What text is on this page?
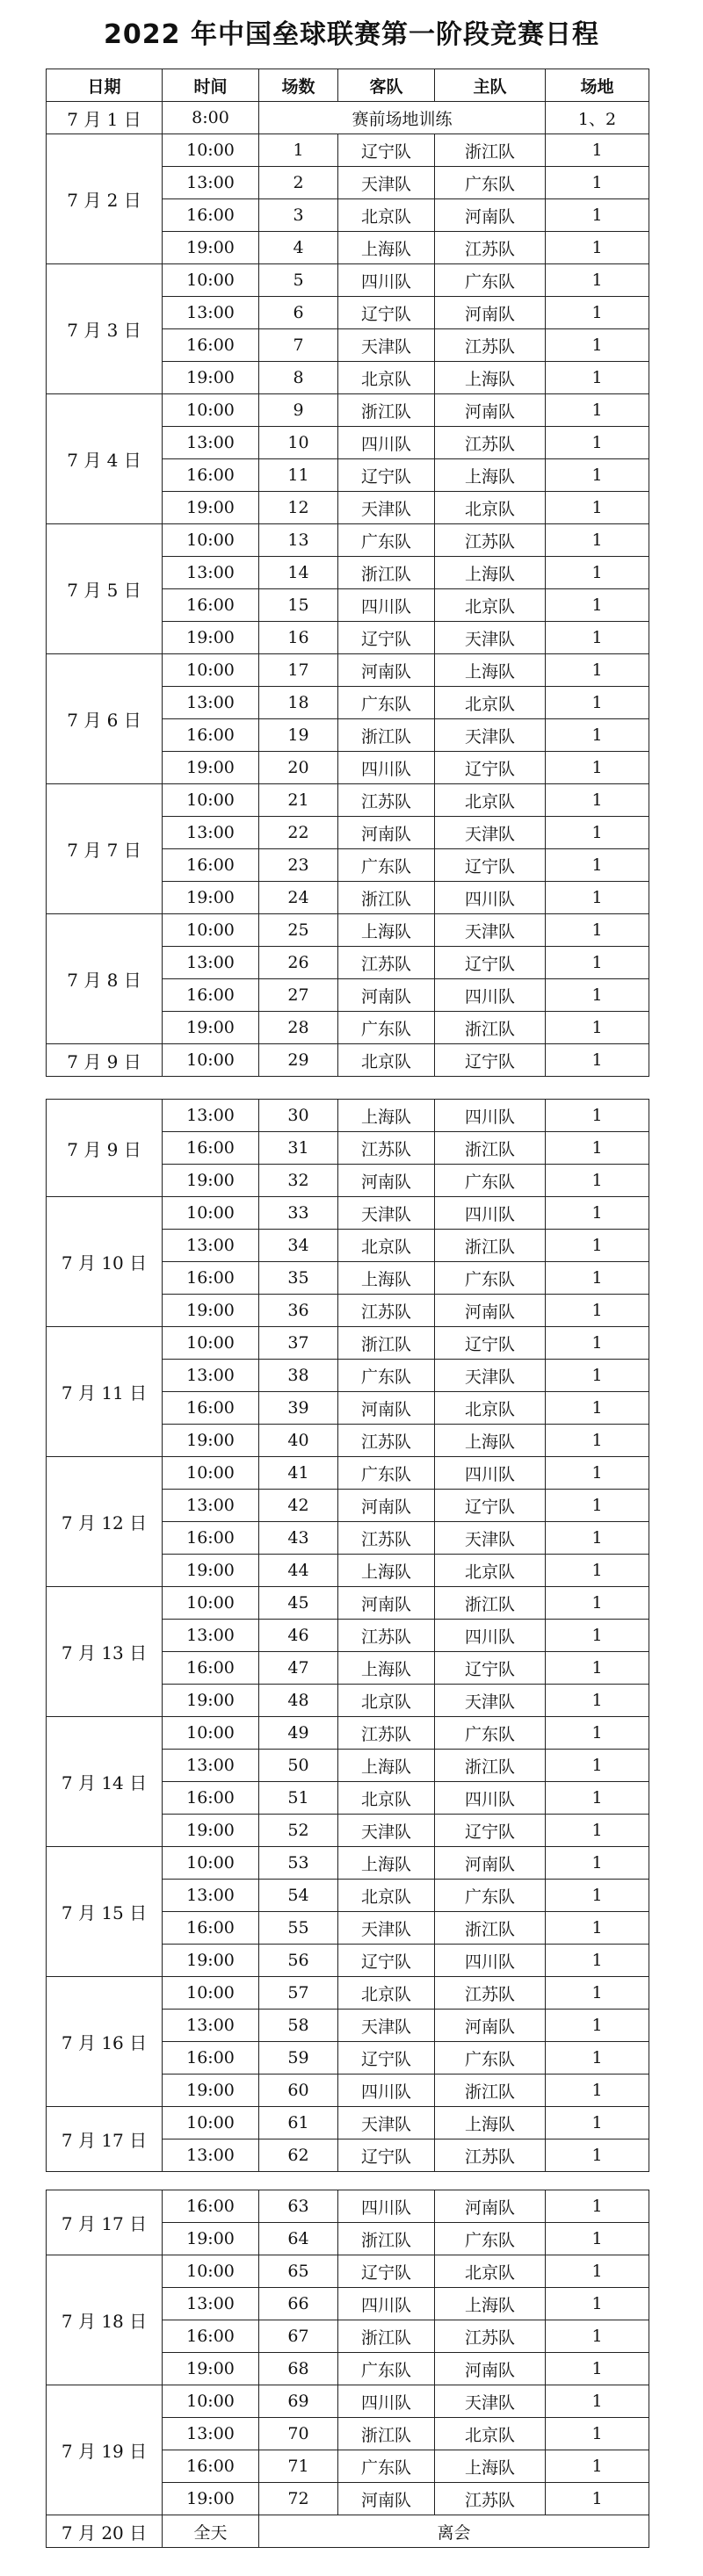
2022 年中国垒球联赛第一阶段竞赛日程
日期	时间	场数	客队	主队	场地
7 月 1 日	8:00	赛前场地训练			1、2
7 月 2 日	10:00	1	辽宁队	浙江队	1
	13:00	2	天津队	广东队	1
	16:00	3	北京队	河南队	1
	19:00	4	上海队	江苏队	1
7 月 3 日	10:00	5	四川队	广东队	1
	13:00	6	辽宁队	河南队	1
	16:00	7	天津队	江苏队	1
	19:00	8	北京队	上海队	1
7 月 4 日	10:00	9	浙江队	河南队	1
	13:00	10	四川队	江苏队	1
	16:00	11	辽宁队	上海队	1
	19:00	12	天津队	北京队	1
7 月 5 日	10:00	13	广东队	江苏队	1
	13:00	14	浙江队	上海队	1
	16:00	15	四川队	北京队	1
	19:00	16	辽宁队	天津队	1
7 月 6 日	10:00	17	河南队	上海队	1
	13:00	18	广东队	北京队	1
	16:00	19	浙江队	天津队	1
	19:00	20	四川队	辽宁队	1
7 月 7 日	10:00	21	江苏队	北京队	1
	13:00	22	河南队	天津队	1
	16:00	23	广东队	辽宁队	1
	19:00	24	浙江队	四川队	1
7 月 8 日	10:00	25	上海队	天津队	1
	13:00	26	江苏队	辽宁队	1
	16:00	27	河南队	四川队	1
	19:00	28	广东队	浙江队	1
7 月 9 日	10:00	29	北京队	辽宁队	1
7 月 9 日	13:00	30	上海队	四川队	1
	16:00	31	江苏队	浙江队	1
	19:00	32	河南队	广东队	1
7 月 10 日	10:00	33	天津队	四川队	1
	13:00	34	北京队	浙江队	1
	16:00	35	上海队	广东队	1
	19:00	36	江苏队	河南队	1
7 月 11 日	10:00	37	浙江队	辽宁队	1
	13:00	38	广东队	天津队	1
	16:00	39	河南队	北京队	1
	19:00	40	江苏队	上海队	1
7 月 12 日	10:00	41	广东队	四川队	1
	13:00	42	河南队	辽宁队	1
	16:00	43	江苏队	天津队	1
	19:00	44	上海队	北京队	1
7 月 13 日	10:00	45	河南队	浙江队	1
	13:00	46	江苏队	四川队	1
	16:00	47	上海队	辽宁队	1
	19:00	48	北京队	天津队	1
7 月 14 日	10:00	49	江苏队	广东队	1
	13:00	50	上海队	浙江队	1
	16:00	51	北京队	四川队	1
	19:00	52	天津队	辽宁队	1
7 月 15 日	10:00	53	上海队	河南队	1
	13:00	54	北京队	广东队	1
	16:00	55	天津队	浙江队	1
	19:00	56	辽宁队	四川队	1
7 月 16 日	10:00	57	北京队	江苏队	1
	13:00	58	天津队	河南队	1
	16:00	59	辽宁队	广东队	1
	19:00	60	四川队	浙江队	1
7 月 17 日	10:00	61	天津队	上海队	1
	13:00	62	辽宁队	江苏队	1
7 月 17 日	16:00	63	四川队	河南队	1
	19:00	64	浙江队	广东队	1
7 月 18 日	10:00	65	辽宁队	北京队	1
	13:00	66	四川队	上海队	1
	16:00	67	浙江队	江苏队	1
	19:00	68	广东队	河南队	1
7 月 19 日	10:00	69	四川队	天津队	1
	13:00	70	浙江队	北京队	1
	16:00	71	广东队	上海队	1
	19:00	72	河南队	江苏队	1
7 月 20 日	全天	离会			
